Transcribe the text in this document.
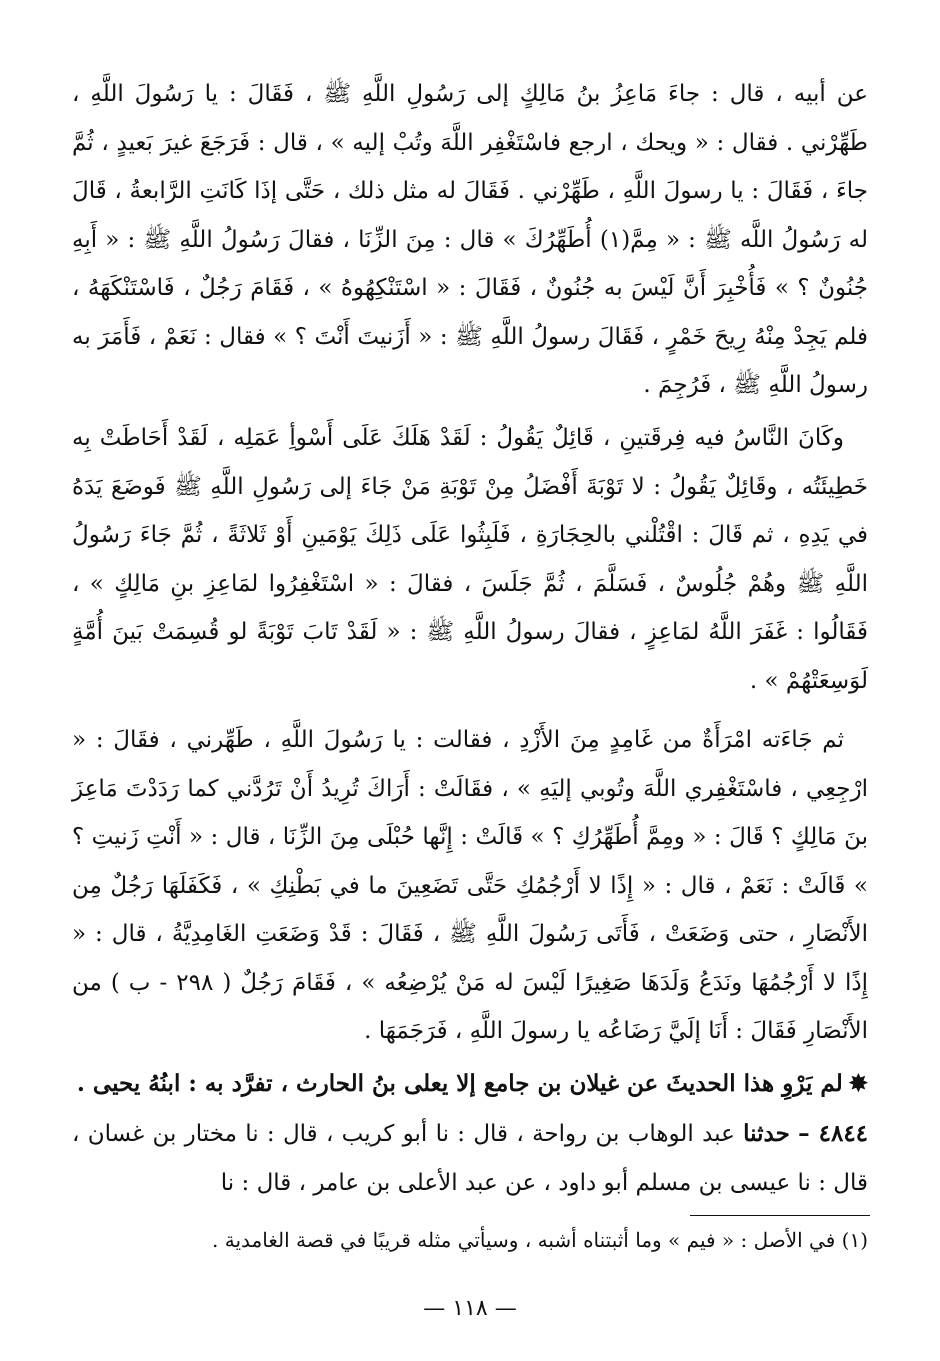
عن أبيه ، قال : جاءَ مَاعِزُ بنُ مَالِكٍ إلى رَسُولِ اللَّهِ ﷺ ، فَقَالَ : يا رَسُولَ اللَّهِ ، طَهِّرْني . فقال : « ويحك ، ارجع فاسْتَغْفِر اللَّهَ وتُبْ إليه » ، قال : فَرَجَعَ غيرَ بَعيدٍ ، ثُمَّ جاءَ ، فَقَالَ : يا رسولَ اللَّهِ ، طَهِّرْني . فَقَالَ له مثل ذلك ، حَتَّى إذَا كَانَتِ الرَّابعةُ ، قَالَ له رَسُولُ اللَّه ﷺ : « مِمَّ(١) أُطَهِّرُكَ » قال : مِنَ الزِّنَا ، فقالَ رَسُولُ اللَّهِ ﷺ : « أَبِهِ جُنُونٌ ؟ » فَأُخْبِرَ أَنَّ لَيْسَ به جُنُونٌ ، فَقَالَ : « اسْتَنْكِهُوهُ » ، فَقَامَ رَجُلٌ ، فَاسْتَنْكَهَهُ ، فلم يَجِدْ مِنْهُ رِيحَ خَمْرٍ ، فَقَالَ رسولُ اللَّهِ ﷺ : « أَزَنيتَ أَنْتَ ؟ » فقال : نَعَمْ ، فَأَمَرَ به رسولُ اللَّهِ ﷺ ، فَرُجِمَ .

وكَانَ النَّاسُ فيه فِرقَتينِ ، قَائِلٌ يَقُولُ : لَقَدْ هَلَكَ عَلَى أَسْوأِ عَمَلِه ، لَقَدْ أَحَاطَتْ بِه خَطِيئَتُه ، وقَائِلٌ يَقُولُ : لا تَوْبَةَ أَفْضَلُ مِنْ تَوْبَةِ مَنْ جَاءَ إلى رَسُولِ اللَّهِ ﷺ فَوضَعَ يَدَهُ في يَدِهِ ، ثم قَالَ : اقْتُلْني بالحِجَارَةِ ، فَلَبِثُوا عَلَى ذَلِكَ يَوْمَينِ أَوْ ثَلاثَةً ، ثُمَّ جَاءَ رَسُولُ اللَّهِ ﷺ وهُمْ جُلُوسٌ ، فَسَلَّمَ ، ثُمَّ جَلَسَ ، فقالَ : « اسْتَغْفِرُوا لمَاعِزِ بنِ مَالِكٍ » ، فَقَالُوا : غَفَرَ اللَّهُ لمَاعِزٍ ، فقالَ رسولُ اللَّهِ ﷺ : « لَقَدْ تَابَ تَوْبَةً لو قُسِمَتْ بَينَ أُمَّةٍ لَوَسِعَتْهُمْ » .

ثم جَاءَته امْرَأَةٌ من غَامِدٍ مِنَ الأَزْدِ ، فقالت : يا رَسُولَ اللَّهِ ، طَهِّرني ، فقَالَ : « ارْجِعِي ، فاسْتَغْفِري اللَّهَ وتُوبي إليَهِ » ، فقَالَتْ : أَرَاكَ تُرِيدُ أَنْ تَرُدَّني كما رَدَدْتَ مَاعِزَ بنَ مَالِكٍ ؟ قَالَ : « ومِمَّ أُطَهِّرُكِ ؟ » قَالَتْ : إِنَّها حُبْلَى مِنَ الزِّنَا ، قال : « أَنْتِ زَنيتِ ؟ » قَالَتْ : نَعَمْ ، قال : « إِذًا لا أَرْجُمُكِ حَتَّى تَضَعِينَ ما في بَطْنِكِ » ، فَكَفَلَهَا رَجُلٌ مِن الأَنْصَارِ ، حتى وَضَعَتْ ، فَأَتَى رَسُولَ اللَّهِ ﷺ ، فَقَالَ : قَدْ وَضَعَتِ الغَامِدِيَّةُ ، قال : « إِذًا لا أَرْجُمُهَا ونَدَعُ وَلَدَهَا صَغِيرًا لَيْسَ له مَنْ يُرْضِعُه » ، فَقَامَ رَجُلٌ ( ٢٩٨ - ب ) من الأَنْصَارِ فَقَالَ : أَنَا إلَيَّ رَضَاعُه يا رسولَ اللَّهِ ، فَرَجَمَهَا .

✸لم يَرْوِ هذا الحديثَ عن غيلان بن جامع إلا يعلى بنُ الحارث ، تفرَّد به : ابنُهُ يحيى .

٤٨٤٤ – حدثنا عبد الوهاب بن رواحة ، قال : نا أبو كريب ، قال : نا مختار بن غسان ، قال : نا عيسى بن مسلم أبو داود ، عن عبد الأعلى بن عامر ، قال : نا

(١) في الأصل : « فيم » وما أثبتناه أشبه ، وسيأتي مثله قريبًا في قصة الغامدية .
— ١١٨ —
